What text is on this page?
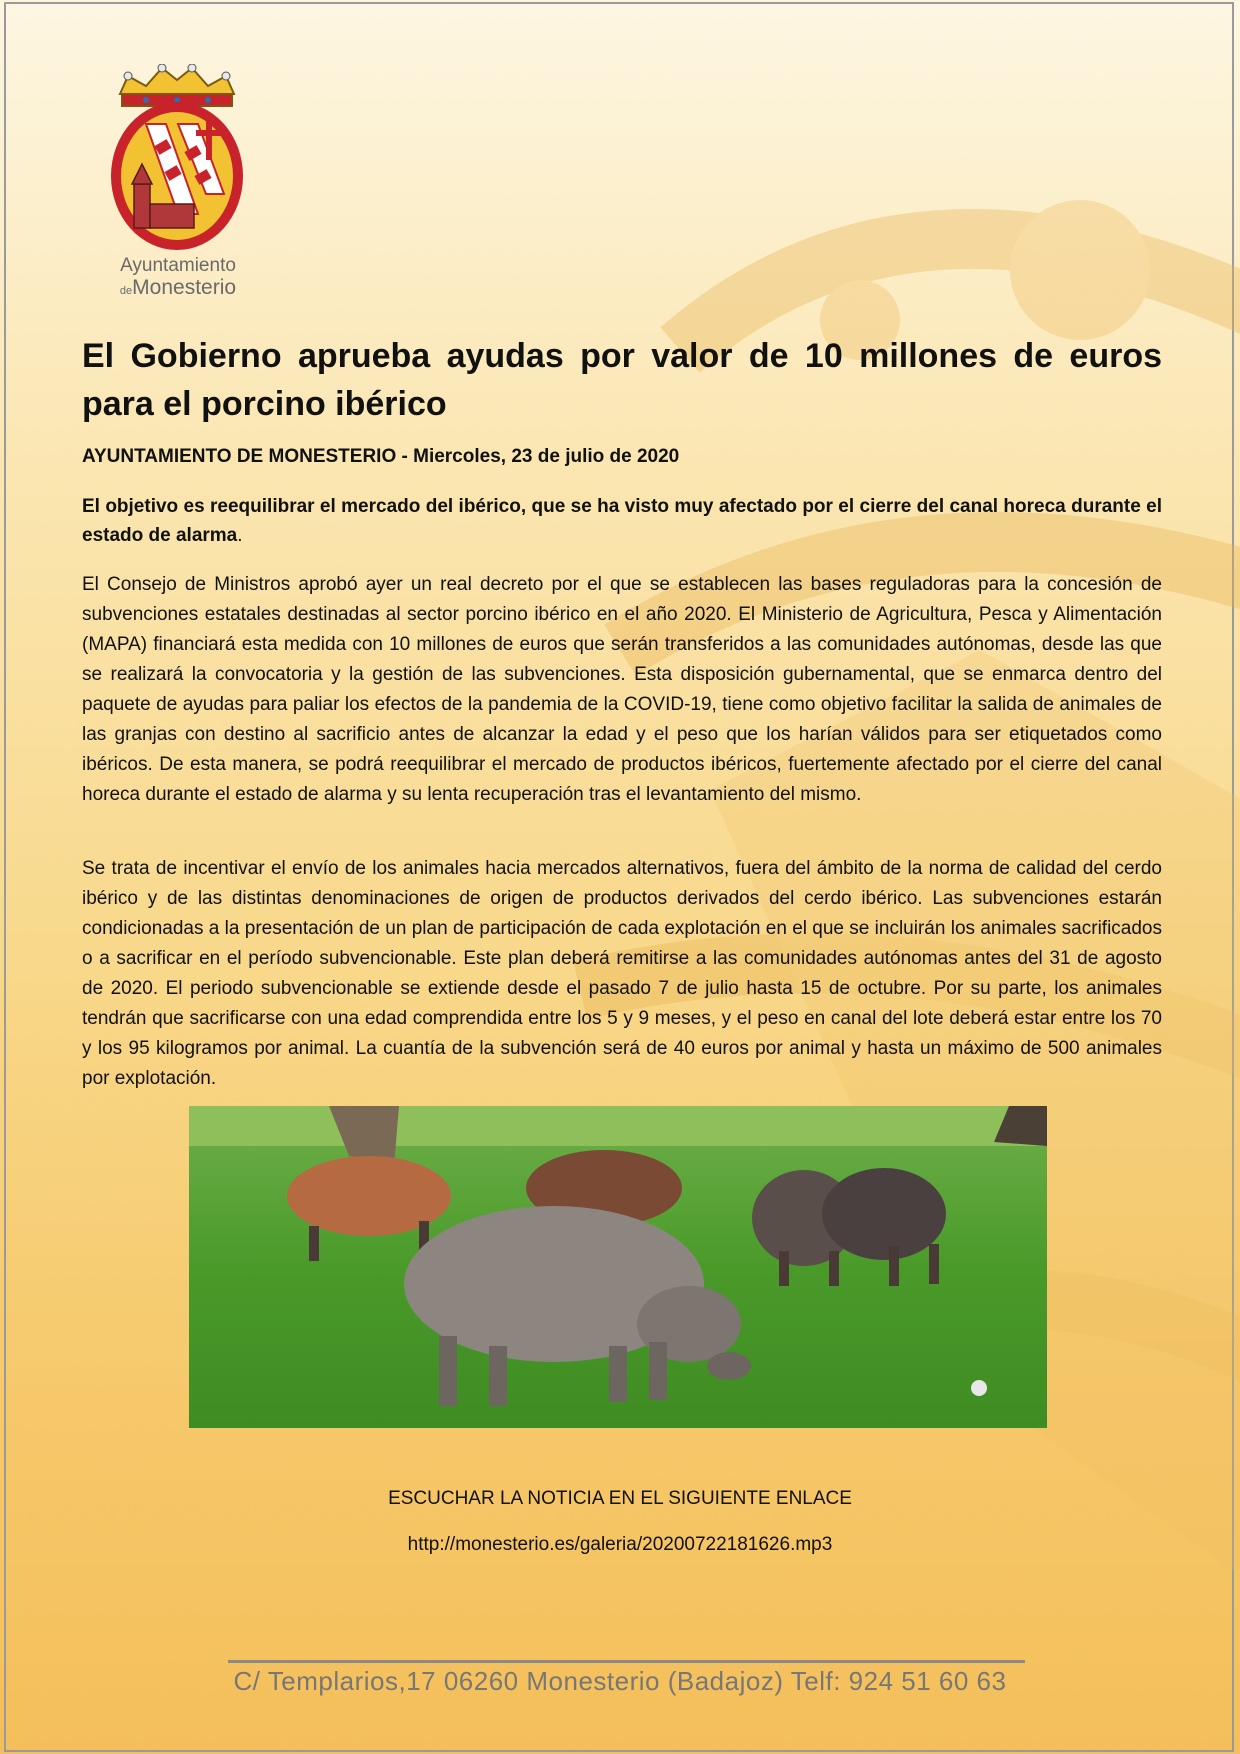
Ayuntamiento
deMonesterio
El Gobierno aprueba ayudas por valor de 10 millones de euros para el porcino ibérico
AYUNTAMIENTO DE MONESTERIO - Miercoles, 23 de julio de 2020

El objetivo es reequilibrar el mercado del ibérico, que se ha visto muy afectado por el cierre del canal horeca durante el estado de alarma.

El Consejo de Ministros aprobó ayer un real decreto por el que se establecen las bases reguladoras para la concesión de subvenciones estatales destinadas al sector porcino ibérico en el año 2020. El Ministerio de Agricultura, Pesca y Alimentación (MAPA) financiará esta medida con 10 millones de euros que serán transferidos a las comunidades autónomas, desde las que se realizará la convocatoria y la gestión de las subvenciones. Esta disposición gubernamental, que se enmarca dentro del paquete de ayudas para paliar los efectos de la pandemia de la COVID-19, tiene como objetivo facilitar la salida de animales de las granjas con destino al sacrificio antes de alcanzar la edad y el peso que los harían válidos para ser etiquetados como ibéricos. De esta manera, se podrá reequilibrar el mercado de productos ibéricos, fuertemente afectado por el cierre del canal horeca durante el estado de alarma y su lenta recuperación tras el levantamiento del mismo.

Se trata de incentivar el envío de los animales hacia mercados alternativos, fuera del ámbito de la norma de calidad del cerdo ibérico y de las distintas denominaciones de origen de productos derivados del cerdo ibérico. Las subvenciones estarán condicionadas a la presentación de un plan de participación de cada explotación en el que se incluirán los animales sacrificados o a sacrificar en el período subvencionable. Este plan deberá remitirse a las comunidades autónomas antes del 31 de agosto de 2020. El periodo subvencionable se extiende desde el pasado 7 de julio hasta 15 de octubre. Por su parte, los animales tendrán que sacrificarse con una edad comprendida entre los 5 y 9 meses, y el peso en canal del lote deberá estar entre los 70 y los 95 kilogramos por animal. La cuantía de la subvención será de 40 euros por animal y hasta un máximo de 500 animales por explotación.

ESCUCHAR LA NOTICIA EN EL SIGUIENTE ENLACE
http://monesterio.es/galeria/20200722181626.mp3
C/ Templarios,17 06260 Monesterio (Badajoz) Telf: 924 51 60 63
